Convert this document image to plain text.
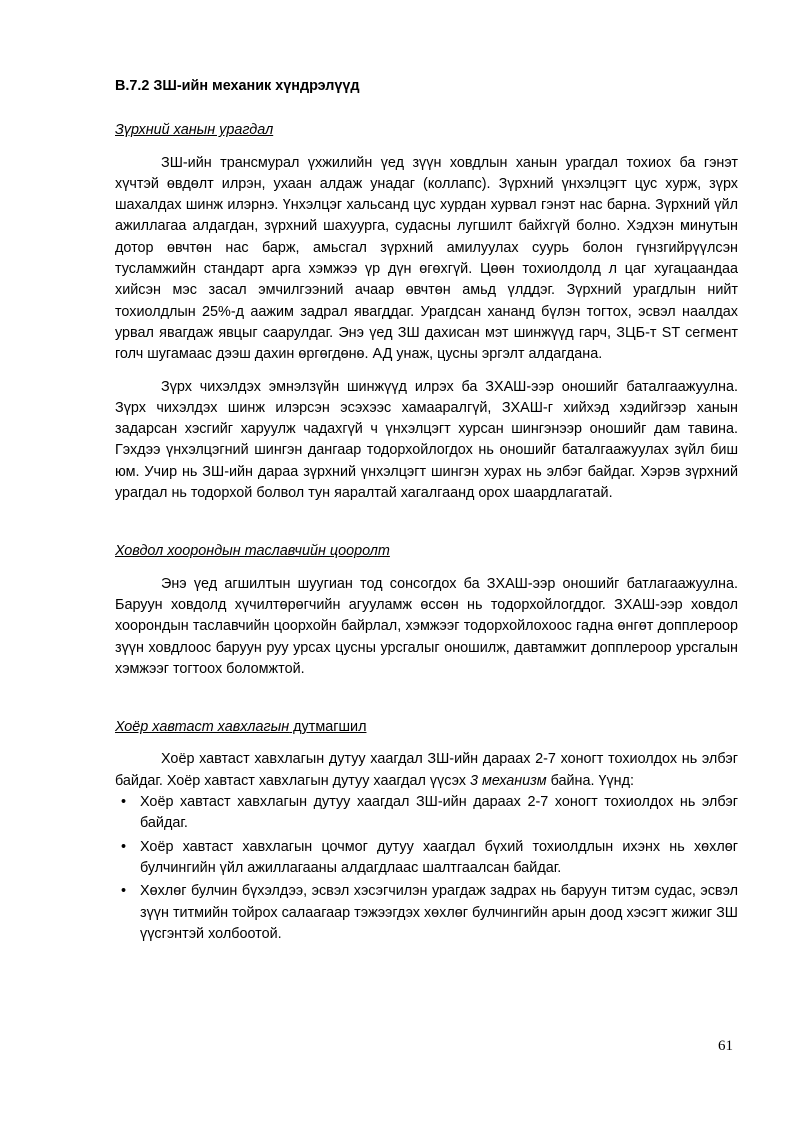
B.7.2 ЗШ-ийн механик хүндрэлүүд
Зүрхний ханын урагдал

ЗШ-ийн трансмурал үхжилийн үед зүүн ховдлын ханын урагдал тохиох ба гэнэт хүчтэй өвдөлт илрэн, ухаан алдаж унадаг (коллапс). Зүрхний үнхэлцэгт цус хурж, зүрх шахалдах шинж илэрнэ. Үнхэлцэг хальсанд цус хурдан хурвал гэнэт нас барна. Зүрхний үйл ажиллагаа алдагдан, зүрхний шахуурга, судасны лугшилт байхгүй болно. Хэдхэн минутын дотор өвчтөн нас барж, амьсгал зүрхний амилуулах суурь болон гүнзгийрүүлсэн тусламжийн стандарт арга хэмжээ үр дүн өгөхгүй. Цөөн тохиолдолд л цаг хугацаандаа хийсэн мэс засал эмчилгээний ачаар өвчтөн амьд үлддэг. Зүрхний урагдлын нийт тохиолдлын 25%-д аажим задрал явагддаг. Урагдсан хананд бүлэн тогтох, эсвэл наалдах урвал явагдаж явцыг саарулдаг. Энэ үед ЗШ дахисан мэт шинжүүд гарч, ЗЦБ-т ST сегмент голч шугамаас дээш дахин өргөгдөнө. АД унаж, цусны эргэлт алдагдана.

Зүрх чихэлдэх эмнэлзүйн шинжүүд илрэх ба ЗХАШ-ээр оношийг баталгаажуулна. Зүрх чихэлдэх шинж илэрсэн эсэхээс хамааралгүй, ЗХАШ-г хийхэд хэдийгээр ханын задарсан хэсгийг харуулж чадахгүй ч үнхэлцэгт хурсан шингэнээр оношийг дам тавина. Гэхдээ үнхэлцэгний шингэн дангаар тодорхойлогдох нь оношийг баталгаажуулах зүйл биш юм. Учир нь ЗШ-ийн дараа зүрхний үнхэлцэгт шингэн хурах нь элбэг байдаг. Хэрэв зүрхний урагдал нь тодорхой болвол тун яаралтай хагалгаанд орох шаардлагатай.

Ховдол хоорондын таславчийн цооролт

Энэ үед агшилтын шуугиан тод сонсогдох ба ЗХАШ-ээр оношийг батлагаажуулна. Баруун ховдолд хүчилтөрөгчийн агууламж өссөн нь тодорхойлогддог. ЗХАШ-ээр ховдол хоорондын таславчийн цоорхойн байрлал, хэмжээг тодорхойлохоос гадна өнгөт допплероор зүүн ховдлоос баруун руу урсах цусны урсгалыг оношилж, давтамжит допплероор урсгалын хэмжээг тогтоох боломжтой.

Хоёр хавтаст хавхлагын дутмагшил

Хоёр хавтаст хавхлагын дутуу хаагдал ЗШ-ийн дараах 2-7 хоногт тохиолдох нь элбэг байдаг. Хоёр хавтаст хавхлагын дутуу хаагдал үүсэх 3 механизм байна. Үүнд:

• Хоёр хавтаст хавхлагын дутуу хаагдал ЗШ-ийн дараах 2-7 хоногт тохиолдох нь элбэг байдаг.
• Хоёр хавтаст хавхлагын цочмог дутуу хаагдал бүхий тохиолдлын ихэнх нь хөхлөг булчингийн үйл ажиллагааны алдагдлаас шалтгаалсан байдаг.
• Хөхлөг булчин бүхэлдээ, эсвэл хэсэгчилэн урагдаж задрах нь баруун титэм судас, эсвэл зүүн титмийн тойрох салаагаар тэжээгдэх хөхлөг булчингийн арын доод хэсэгт жижиг ЗШ үүсгэнтэй холбоотой.
61
